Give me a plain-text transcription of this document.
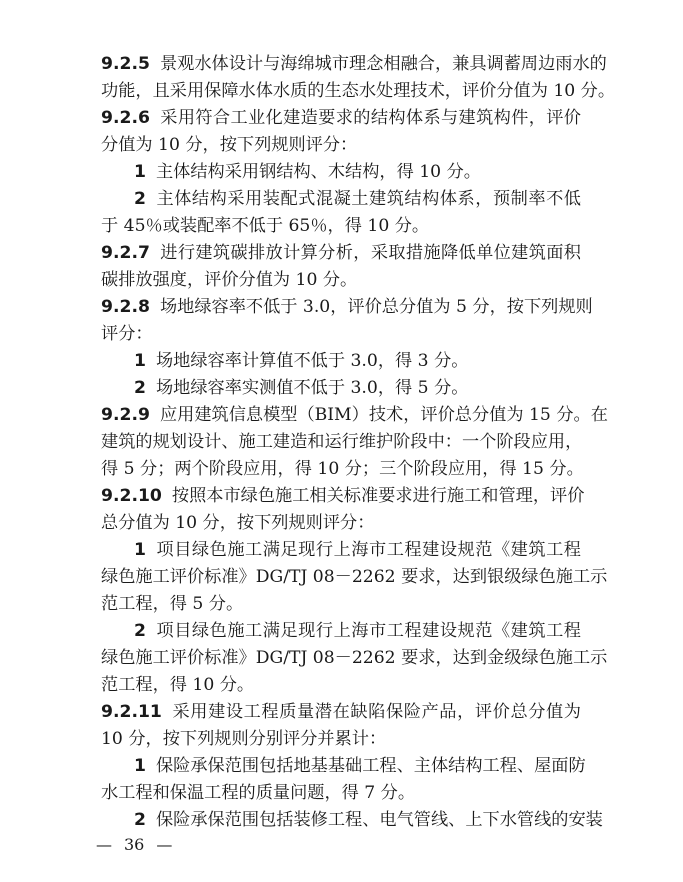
9.2.5 景观水体设计与海绵城市理念相融合，兼具调蓄周边雨水的
功能，且采用保障水体水质的生态水处理技术，评价分值为 10 分。
9.2.6 采用符合工业化建造要求的结构体系与建筑构件，评价
分值为 10 分，按下列规则评分：
1 主体结构采用钢结构、木结构，得 10 分。
2 主体结构采用装配式混凝土建筑结构体系，预制率不低
于 45％或装配率不低于 65％，得 10 分。
9.2.7 进行建筑碳排放计算分析，采取措施降低单位建筑面积
碳排放强度，评价分值为 10 分。
9.2.8 场地绿容率不低于 3.0，评价总分值为 5 分，按下列规则
评分：
1 场地绿容率计算值不低于 3.0，得 3 分。
2 场地绿容率实测值不低于 3.0，得 5 分。
9.2.9 应用建筑信息模型（BIM）技术，评价总分值为 15 分。在
建筑的规划设计、施工建造和运行维护阶段中：一个阶段应用，
得 5 分；两个阶段应用，得 10 分；三个阶段应用，得 15 分。
9.2.10 按照本市绿色施工相关标准要求进行施工和管理，评价
总分值为 10 分，按下列规则评分：
1 项目绿色施工满足现行上海市工程建设规范《建筑工程
绿色施工评价标准》DG/TJ 08－2262 要求，达到银级绿色施工示
范工程，得 5 分。
2 项目绿色施工满足现行上海市工程建设规范《建筑工程
绿色施工评价标准》DG/TJ 08－2262 要求，达到金级绿色施工示
范工程，得 10 分。
9.2.11 采用建设工程质量潜在缺陷保险产品，评价总分值为
10 分，按下列规则分别评分并累计：
1 保险承保范围包括地基基础工程、主体结构工程、屋面防
水工程和保温工程的质量问题，得 7 分。
2 保险承保范围包括装修工程、电气管线、上下水管线的安装
— 36 —
